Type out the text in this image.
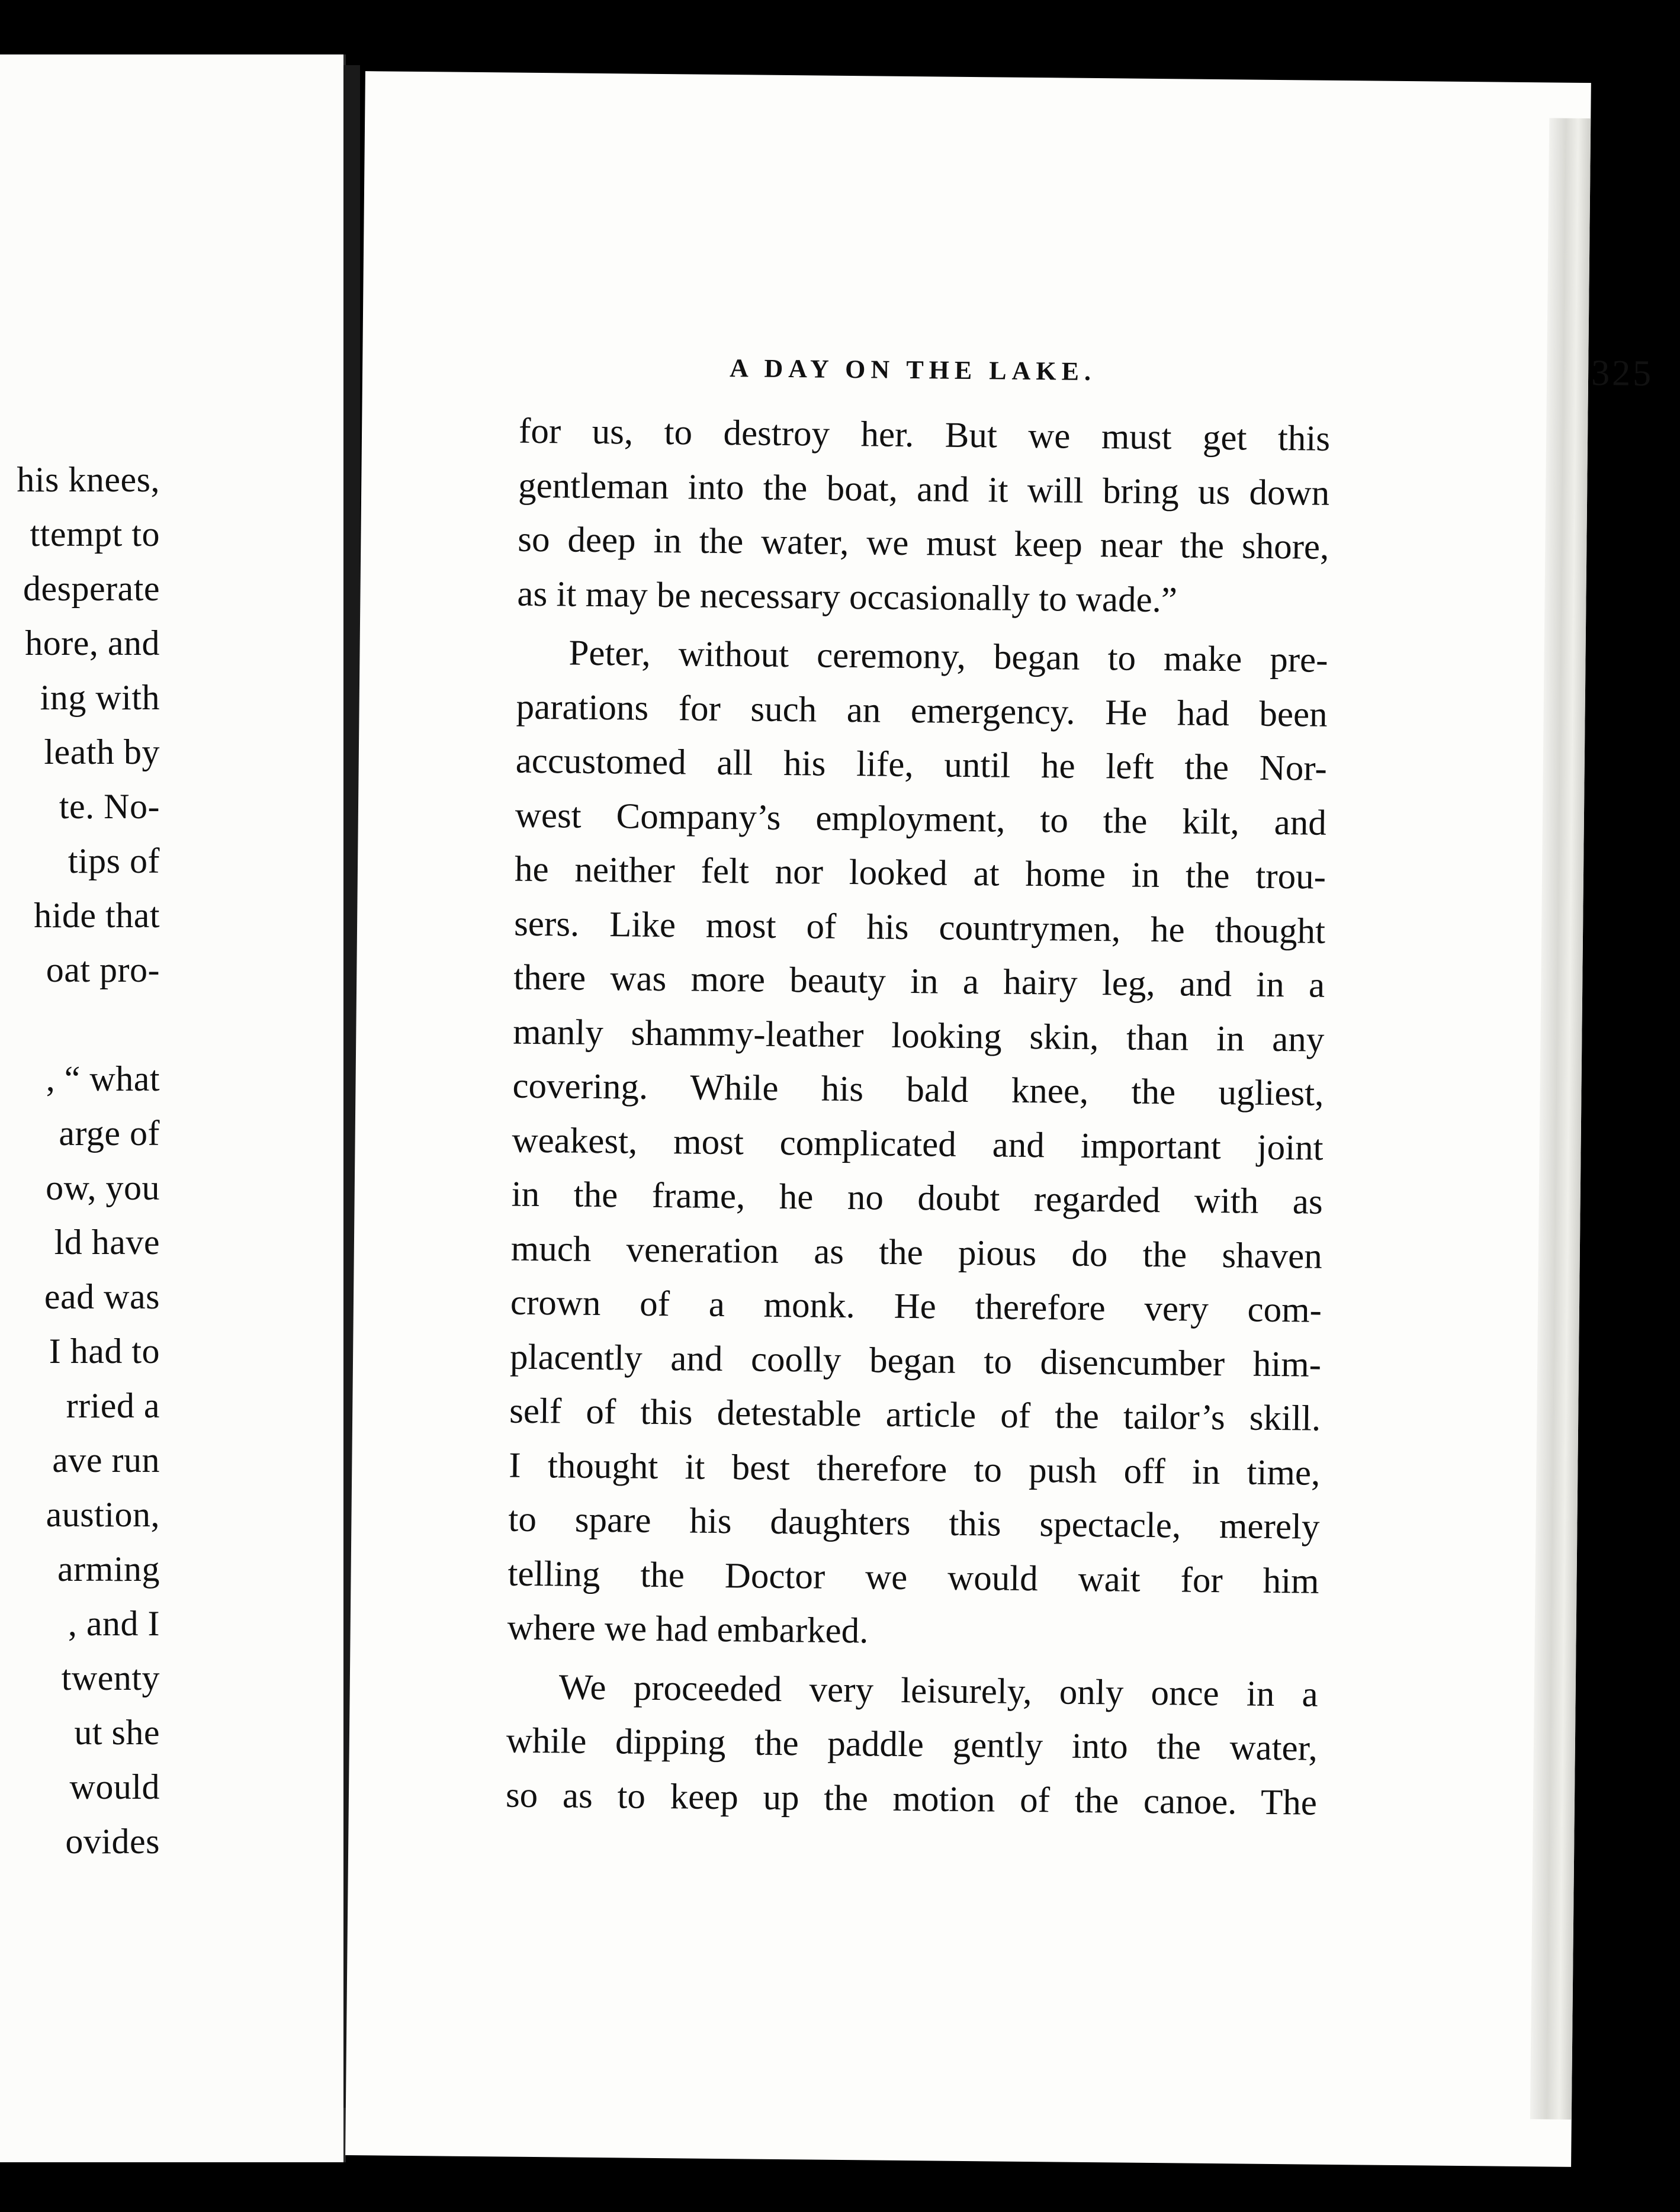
his knees,
ttempt to
desperate
hore, and
ing with
leath by
te. No-
tips of
hide that
oat pro-

, “ what
arge of
ow, you
ld have
ead was
I had to
rried a
ave run
austion,
arming
, and I
twenty
ut she
would
ovides
A DAY ON THE LAKE.	325
for us, to destroy her. But we must get this
gentleman into the boat, and it will bring us down
so deep in the water, we must keep near the shore,
as it may be necessary occasionally to wade.”
Peter, without ceremony, began to make pre-
parations for such an emergency. He had been
accustomed all his life, until he left the Nor-
west Company’s employment, to the kilt, and
he neither felt nor looked at home in the trou-
sers. Like most of his countrymen, he thought
there was more beauty in a hairy leg, and in a
manly shammy-leather looking skin, than in any
covering. While his bald knee, the ugliest,
weakest, most complicated and important joint
in the frame, he no doubt regarded with as
much veneration as the pious do the shaven
crown of a monk. He therefore very com-
placently and coolly began to disencumber him-
self of this detestable article of the tailor’s skill.
I thought it best therefore to push off in time,
to spare his daughters this spectacle, merely
telling the Doctor we would wait for him
where we had embarked.
We proceeded very leisurely, only once in a
while dipping the paddle gently into the water,
so as to keep up the motion of the canoe. The
